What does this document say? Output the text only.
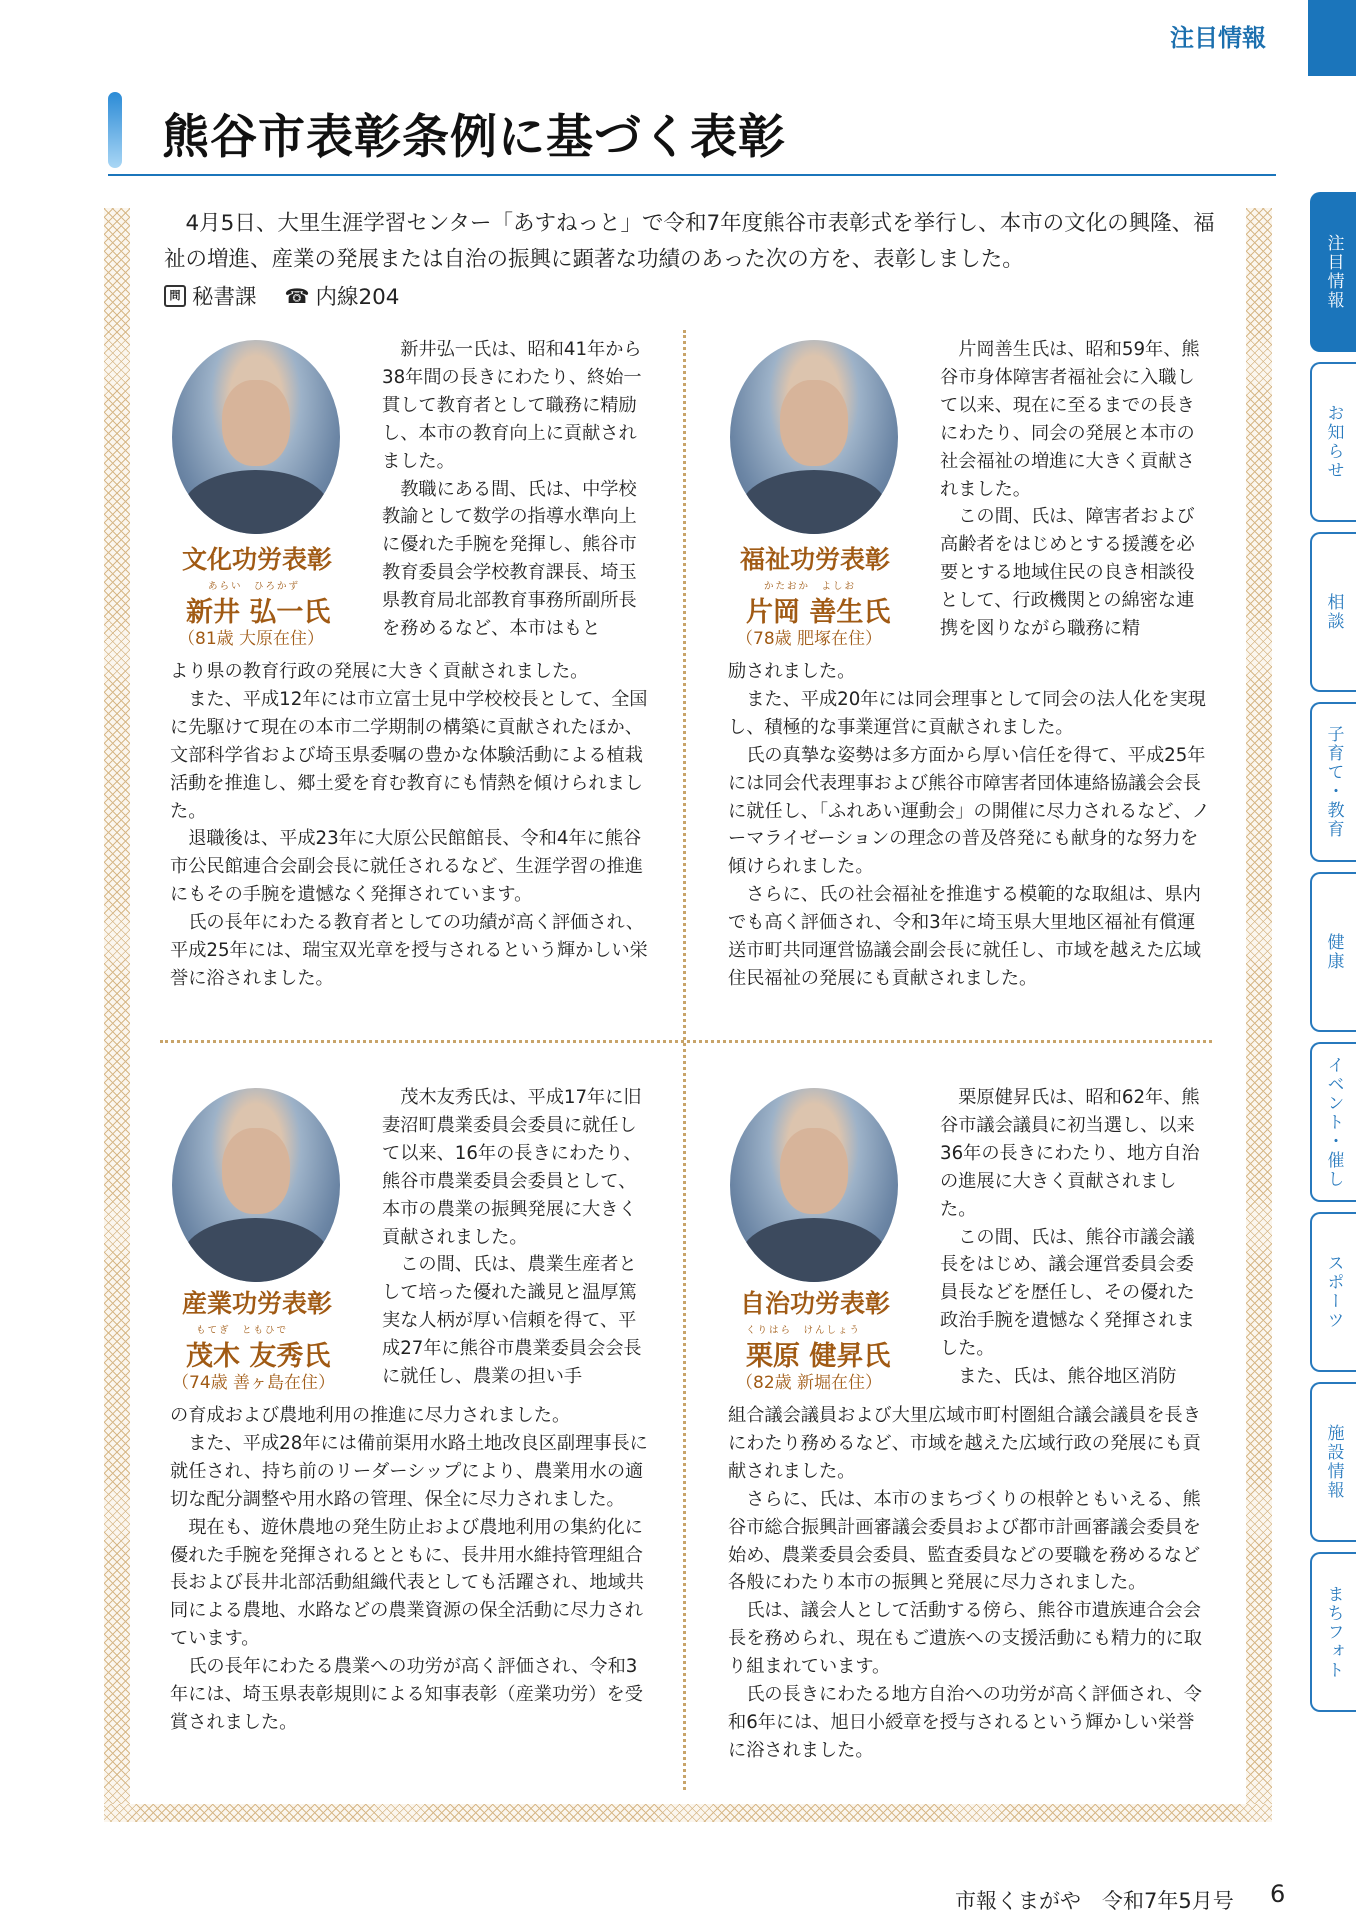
注目情報
熊谷市表彰条例に基づく表彰

4月5日、大里生涯学習センター「あすねっと」で令和7年度熊谷市表彰式を挙行し、本市の文化の興隆、福祉の増進、産業の発展または自治の振興に顕著な功績のあった次の方を、表彰しました。

問 秘書課 ☎ 内線204
文化功労表彰
あらい　ひろかず
新井 弘一氏
（81歳 大原在住）

新井弘一氏は、昭和41年から38年間の長きにわたり、終始一貫して教育者として職務に精励し、本市の教育向上に貢献されました。

教職にある間、氏は、中学校教諭として数学の指導水準向上に優れた手腕を発揮し、熊谷市教育委員会学校教育課長、埼玉県教育局北部教育事務所副所長を務めるなど、本市はもと

より県の教育行政の発展に大きく貢献されました。

また、平成12年には市立富士見中学校校長として、全国に先駆けて現在の本市二学期制の構築に貢献されたほか、文部科学省および埼玉県委嘱の豊かな体験活動による植栽活動を推進し、郷土愛を育む教育にも情熱を傾けられました。

退職後は、平成23年に大原公民館館長、令和4年に熊谷市公民館連合会副会長に就任されるなど、生涯学習の推進にもその手腕を遺憾なく発揮されています。

氏の長年にわたる教育者としての功績が高く評価され、平成25年には、瑞宝双光章を授与されるという輝かしい栄誉に浴されました。

福祉功労表彰
かたおか　よしお
片岡 善生氏
（78歳 肥塚在住）

片岡善生氏は、昭和59年、熊谷市身体障害者福祉会に入職して以来、現在に至るまでの長きにわたり、同会の発展と本市の社会福祉の増進に大きく貢献されました。

この間、氏は、障害者および高齢者をはじめとする援護を必要とする地域住民の良き相談役として、行政機関との綿密な連携を図りながら職務に精

励されました。

また、平成20年には同会理事として同会の法人化を実現し、積極的な事業運営に貢献されました。

氏の真摯な姿勢は多方面から厚い信任を得て、平成25年には同会代表理事および熊谷市障害者団体連絡協議会会長に就任し、「ふれあい運動会」の開催に尽力されるなど、ノーマライゼーションの理念の普及啓発にも献身的な努力を傾けられました。

さらに、氏の社会福祉を推進する模範的な取組は、県内でも高く評価され、令和3年に埼玉県大里地区福祉有償運送市町共同運営協議会副会長に就任し、市域を越えた広域住民福祉の発展にも貢献されました。

産業功労表彰
もてぎ　ともひで
茂木 友秀氏
（74歳 善ヶ島在住）

茂木友秀氏は、平成17年に旧妻沼町農業委員会委員に就任して以来、16年の長きにわたり、熊谷市農業委員会委員として、本市の農業の振興発展に大きく貢献されました。

この間、氏は、農業生産者として培った優れた識見と温厚篤実な人柄が厚い信頼を得て、平成27年に熊谷市農業委員会会長に就任し、農業の担い手

の育成および農地利用の推進に尽力されました。

また、平成28年には備前渠用水路土地改良区副理事長に就任され、持ち前のリーダーシップにより、農業用水の適切な配分調整や用水路の管理、保全に尽力されました。

現在も、遊休農地の発生防止および農地利用の集約化に優れた手腕を発揮されるとともに、長井用水維持管理組合長および長井北部活動組織代表としても活躍され、地域共同による農地、水路などの農業資源の保全活動に尽力されています。

氏の長年にわたる農業への功労が高く評価され、令和3年には、埼玉県表彰規則による知事表彰（産業功労）を受賞されました。

自治功労表彰
くりはら　けんしょう
栗原 健昇氏
（82歳 新堀在住）

栗原健昇氏は、昭和62年、熊谷市議会議員に初当選し、以来36年の長きにわたり、地方自治の進展に大きく貢献されました。

この間、氏は、熊谷市議会議長をはじめ、議会運営委員会委員長などを歴任し、その優れた政治手腕を遺憾なく発揮されました。

また、氏は、熊谷地区消防

組合議会議員および大里広域市町村圏組合議会議員を長きにわたり務めるなど、市域を越えた広域行政の発展にも貢献されました。

さらに、氏は、本市のまちづくりの根幹ともいえる、熊谷市総合振興計画審議会委員および都市計画審議会委員を始め、農業委員会委員、監査委員などの要職を務めるなど各般にわたり本市の振興と発展に尽力されました。

氏は、議会人として活動する傍ら、熊谷市遺族連合会会長を務められ、現在もご遺族への支援活動にも精力的に取り組まれています。

氏の長きにわたる地方自治への功労が高く評価され、令和6年には、旭日小綬章を授与されるという輝かしい栄誉に浴されました。

注目情報
お知らせ
相談
子育て・教育
健康
イベント・催し
スポーツ
施設情報
まちフォト
市報くまがや　令和7年5月号 6
